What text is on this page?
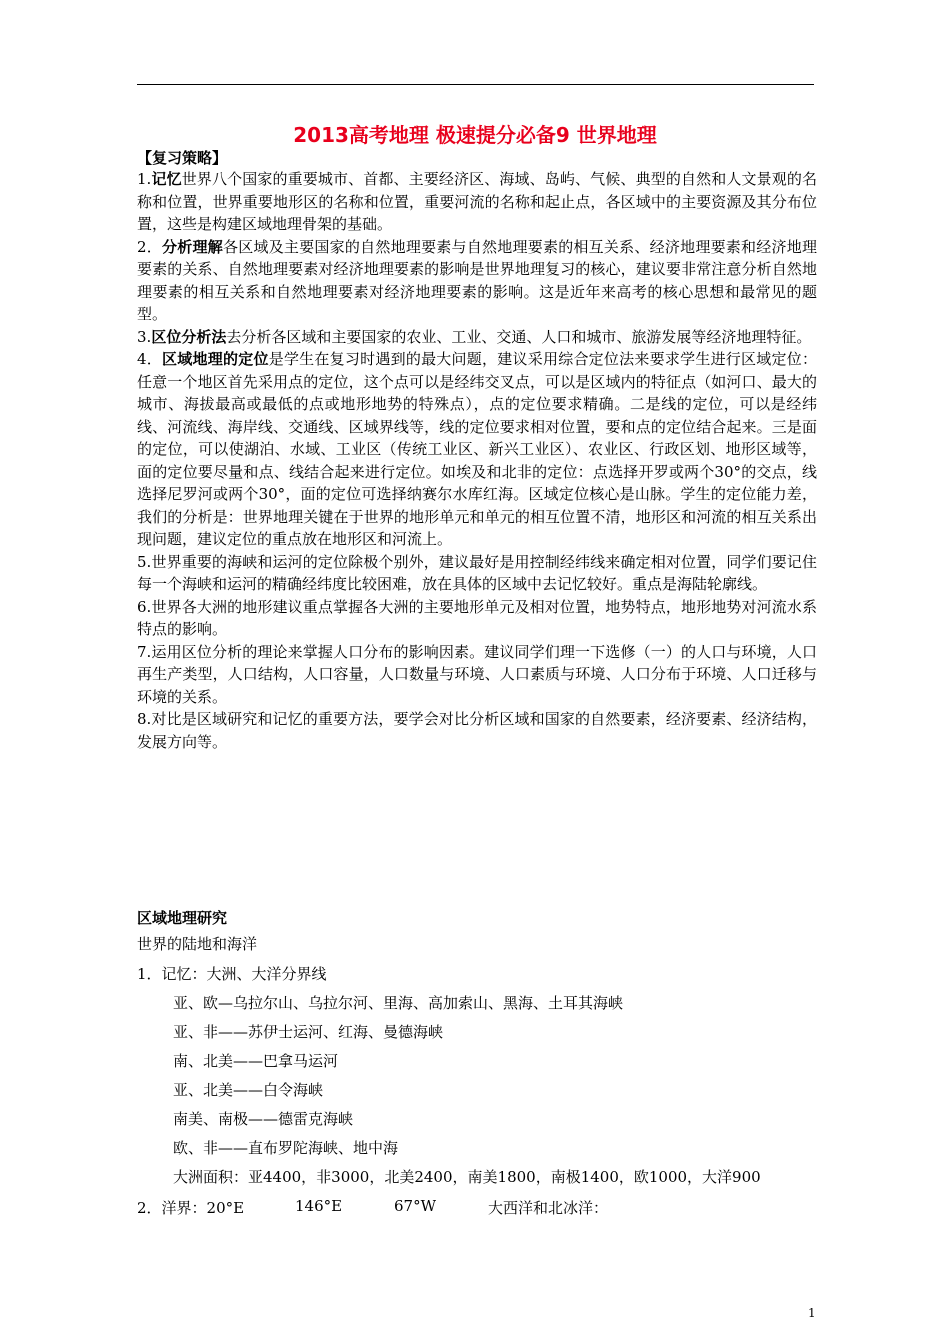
2013高考地理 极速提分必备9 世界地理
【复习策略】

1.记忆世界八个国家的重要城市、首都、主要经济区、海域、岛屿、气候、典型的自然和人文景观的名称和位置，世界重要地形区的名称和位置，重要河流的名称和起止点，各区域中的主要资源及其分布位置，这些是构建区域地理骨架的基础。

2．分析理解各区域及主要国家的自然地理要素与自然地理要素的相互关系、经济地理要素和经济地理要素的关系、自然地理要素对经济地理要素的影响是世界地理复习的核心，建议要非常注意分析自然地理要素的相互关系和自然地理要素对经济地理要素的影响。这是近年来高考的核心思想和最常见的题型。

3.区位分析法去分析各区域和主要国家的农业、工业、交通、人口和城市、旅游发展等经济地理特征。

4．区域地理的定位是学生在复习时遇到的最大问题，建议采用综合定位法来要求学生进行区域定位：任意一个地区首先采用点的定位，这个点可以是经纬交叉点，可以是区域内的特征点（如河口、最大的城市、海拔最高或最低的点或地形地势的特殊点），点的定位要求精确。二是线的定位，可以是经纬线、河流线、海岸线、交通线、区域界线等，线的定位要求相对位置，要和点的定位结合起来。三是面的定位，可以使湖泊、水域、工业区（传统工业区、新兴工业区）、农业区、行政区划、地形区域等，面的定位要尽量和点、线结合起来进行定位。如埃及和北非的定位：点选择开罗或两个30°的交点，线选择尼罗河或两个30°，面的定位可选择纳赛尔水库红海。区域定位核心是山脉。学生的定位能力差，我们的分析是：世界地理关键在于世界的地形单元和单元的相互位置不清，地形区和河流的相互关系出现问题，建议定位的重点放在地形区和河流上。

5.世界重要的海峡和运河的定位除极个别外，建议最好是用控制经纬线来确定相对位置，同学们要记住每一个海峡和运河的精确经纬度比较困难，放在具体的区域中去记忆较好。重点是海陆轮廓线。

6.世界各大洲的地形建议重点掌握各大洲的主要地形单元及相对位置，地势特点，地形地势对河流水系特点的影响。

7.运用区位分析的理论来掌握人口分布的影响因素。建议同学们理一下选修（一）的人口与环境，人口再生产类型，人口结构，人口容量，人口数量与环境、人口素质与环境、人口分布于环境、人口迁移与环境的关系。

8.对比是区域研究和记忆的重要方法，要学会对比分析区域和国家的自然要素，经济要素、经济结构，发展方向等。

区域地理研究
世界的陆地和海洋
1．记忆：大洲、大洋分界线
亚、欧—乌拉尔山、乌拉尔河、里海、高加索山、黑海、土耳其海峡
亚、非——苏伊士运河、红海、曼德海峡
南、北美——巴拿马运河
亚、北美——白令海峡
南美、南极——德雷克海峡
欧、非——直布罗陀海峡、地中海
大洲面积：亚4400，非3000，北美2400，南美1800，南极1400，欧1000，大洋900
2．洋界：20°E	146°E	67°W	大西洋和北冰洋：
1
